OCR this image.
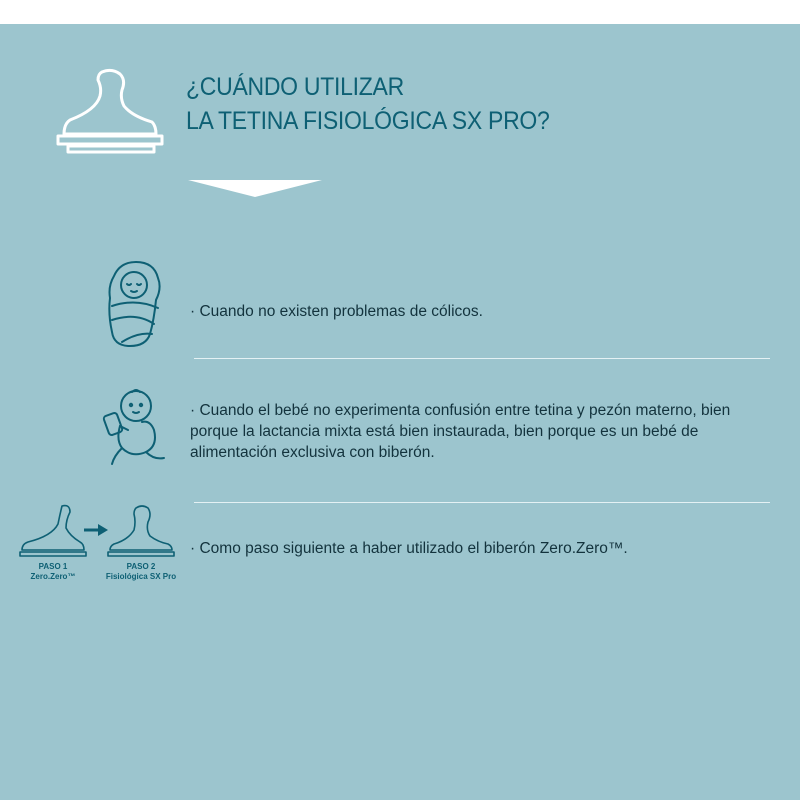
¿CUÁNDO UTILIZAR
LA TETINA FISIOLÓGICA SX PRO?

· Cuando no existen problemas de cólicos.

· Cuando el bebé no experimenta confusión entre tetina y pezón materno, bien porque la lactancia mixta está bien instaurada, bien porque es un bebé de alimentación exclusiva con biberón.

PASO 1
Zero.Zero™
PASO 2
Fisiológica SX Pro

· Como paso siguiente a haber utilizado el biberón Zero.Zero™.
